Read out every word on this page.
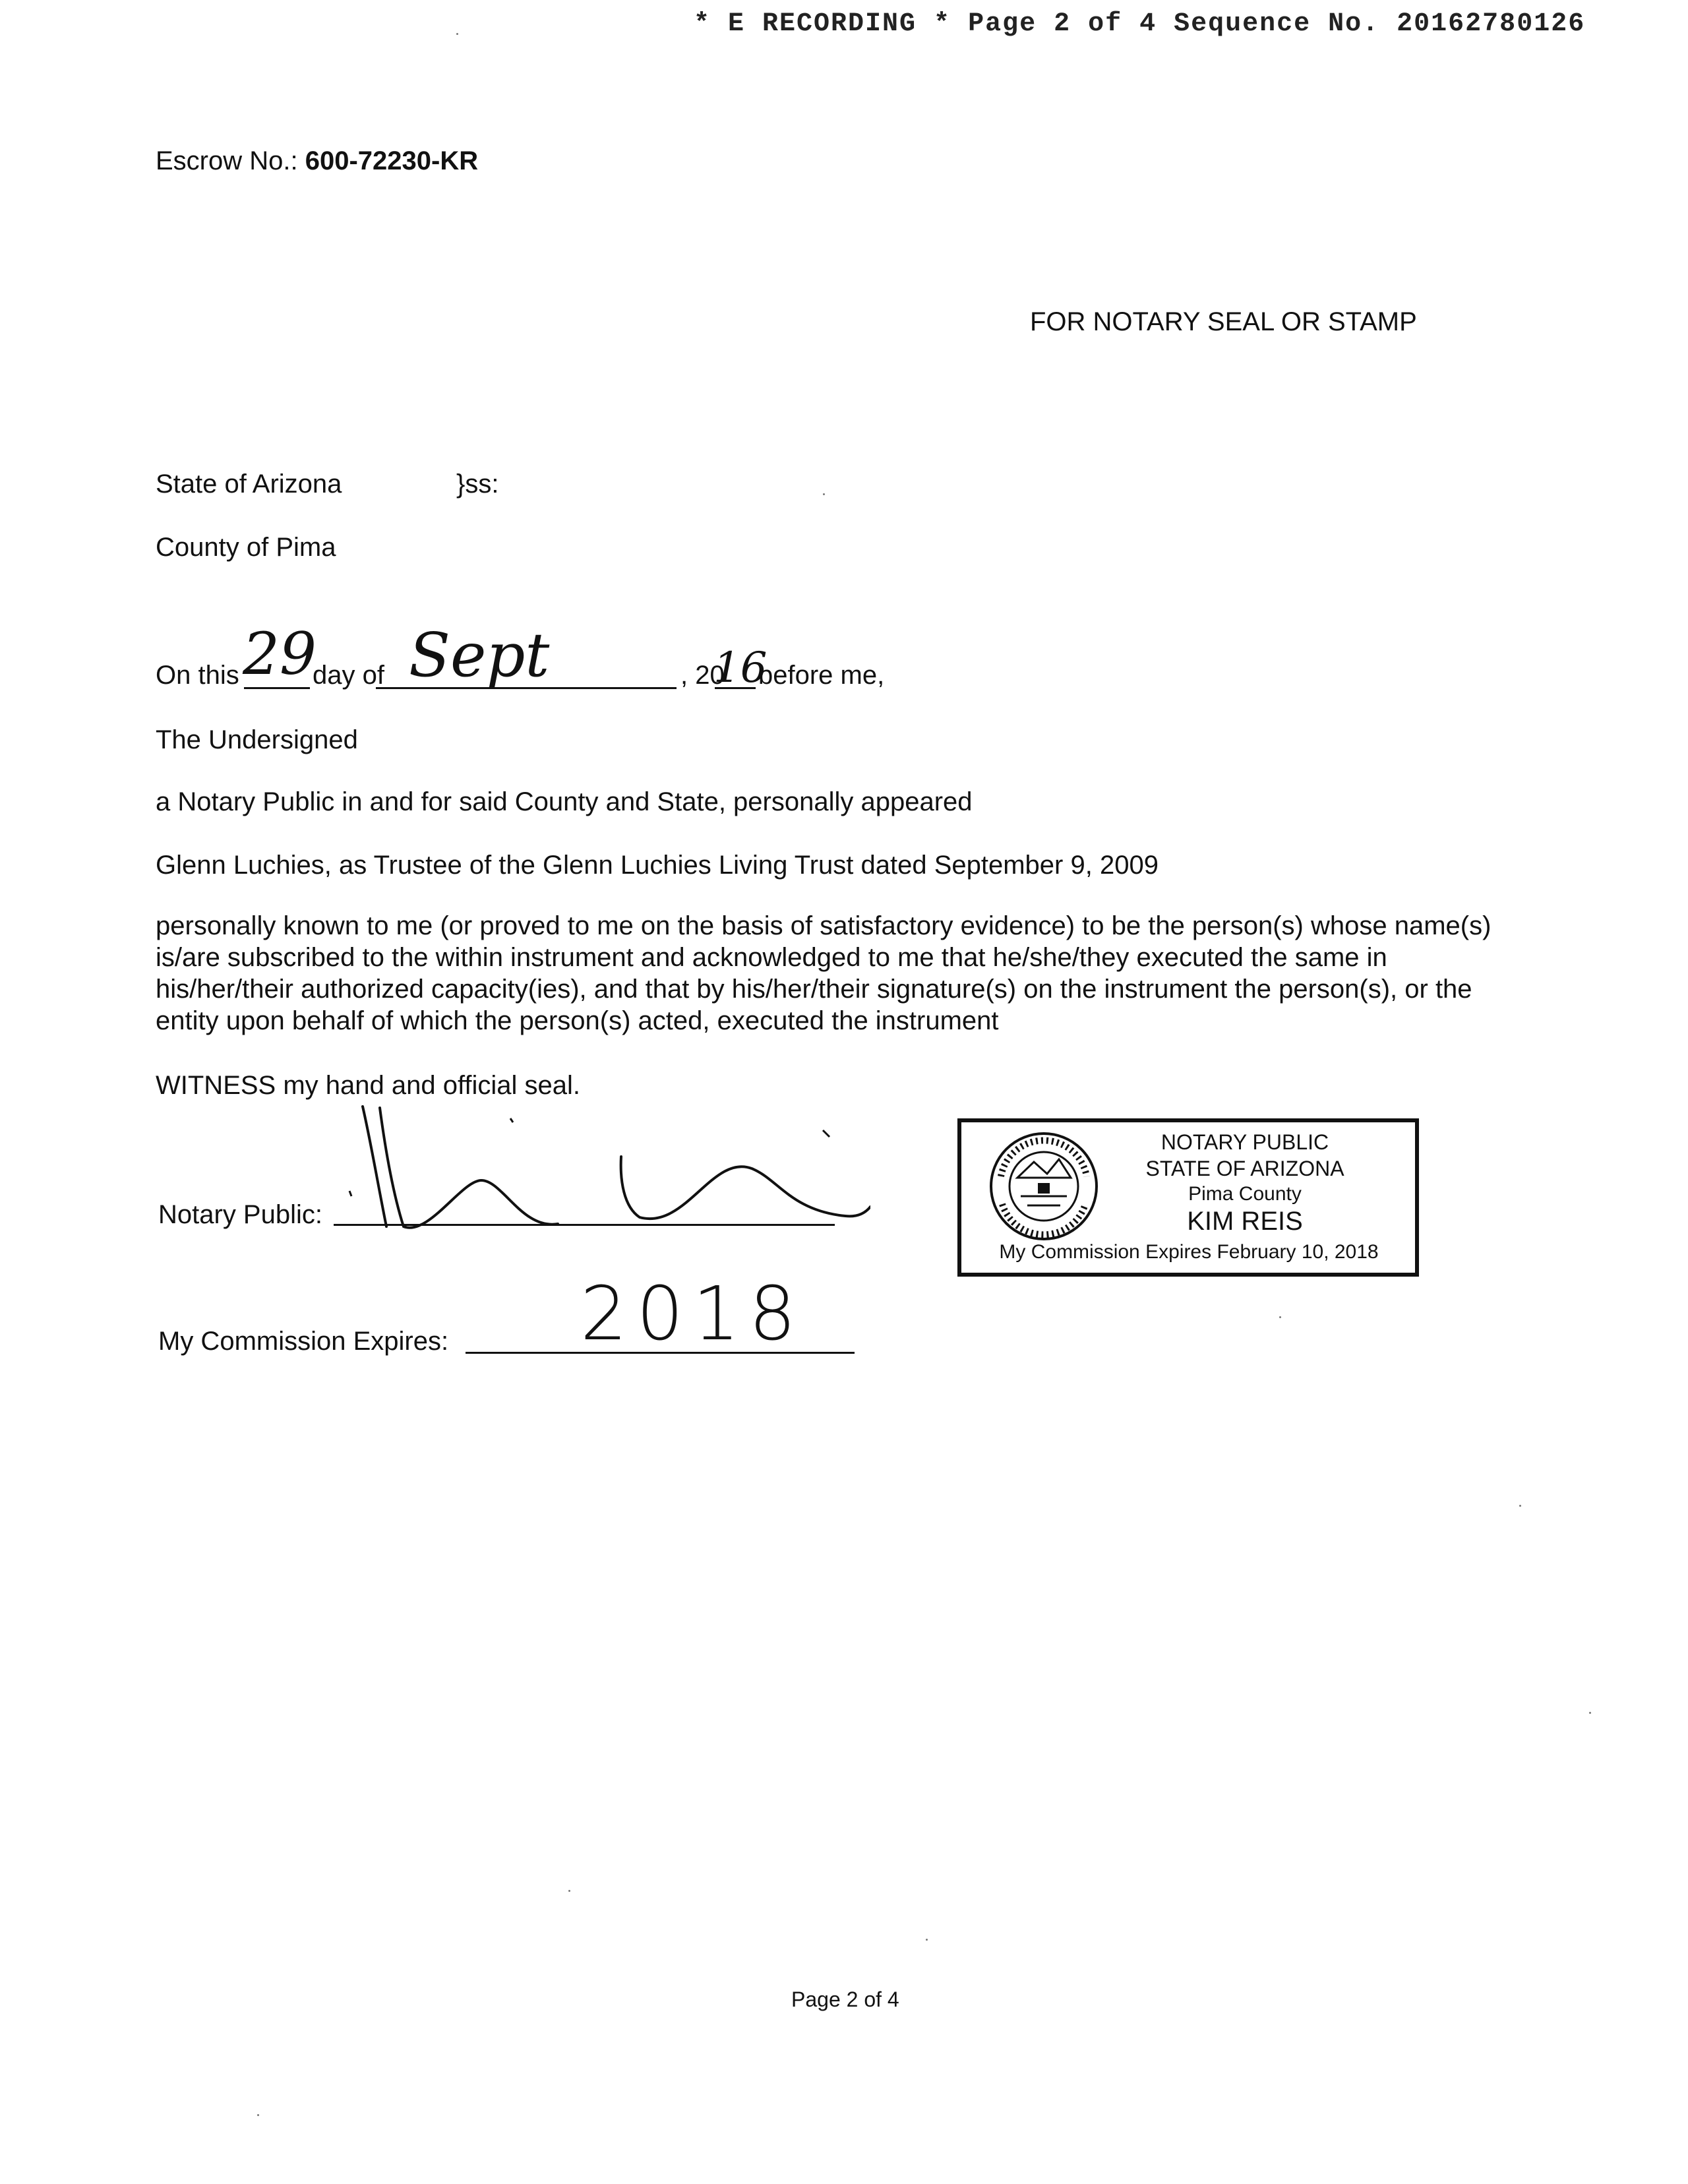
* E RECORDING * Page 2 of 4 Sequence No. 20162780126
Escrow No.: 600-72230-KR
FOR NOTARY SEAL OR STAMP
State of Arizona	}ss:
County of Pima
On this 29
day of Sept	, 20
16
before me,
The Undersigned
a Notary Public in and for said County and State, personally appeared
Glenn Luchies, as Trustee of the Glenn Luchies Living Trust dated September 9, 2009
personally known to me (or proved to me on the basis of satisfactory evidence) to be the person(s) whose name(s) is/are subscribed to the within instrument and acknowledged to me that he/she/they executed the same in his/her/their authorized capacity(ies), and that by his/her/their signature(s) on the instrument the person(s), or the entity upon behalf of which the person(s) acted, executed the instrument
WITNESS my hand and official seal.
Notary Public:
My Commission Expires: 2018
NOTARY PUBLIC
STATE OF ARIZONA
Pima County
KIM REIS
My Commission Expires February 10, 2018
Page 2 of 4
